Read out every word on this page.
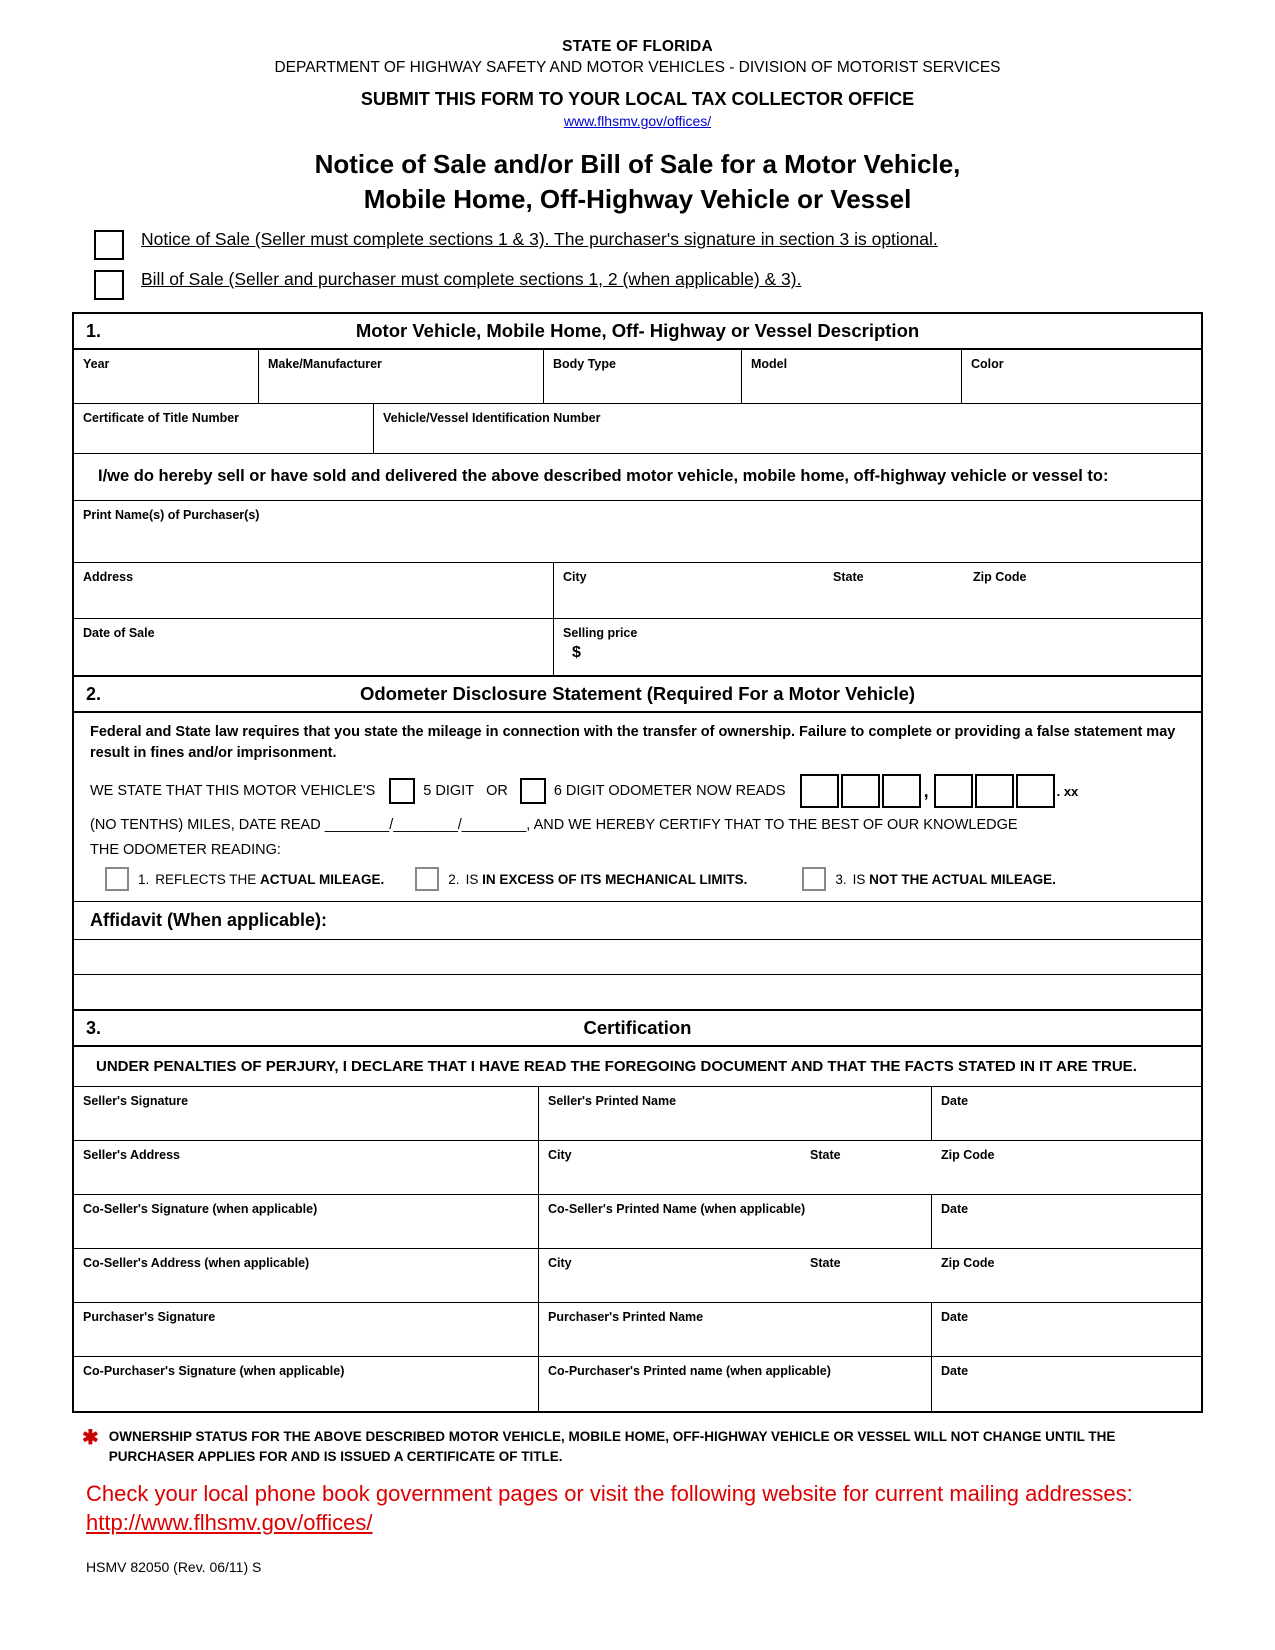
STATE OF FLORIDA
DEPARTMENT OF HIGHWAY SAFETY AND MOTOR VEHICLES - DIVISION OF MOTORIST SERVICES
SUBMIT THIS FORM TO YOUR LOCAL TAX COLLECTOR OFFICE
www.flhsmv.gov/offices/
Notice of Sale and/or Bill of Sale for a Motor Vehicle,
Mobile Home, Off-Highway Vehicle or Vessel
Notice of Sale (Seller must complete sections 1 & 3). The purchaser's signature in section 3 is optional.
Bill of Sale (Seller and purchaser must complete sections 1, 2 (when applicable) & 3).
1.	Motor Vehicle, Mobile Home, Off- Highway or Vessel Description
Year	Make/Manufacturer	Body Type	Model	Color
Certificate of Title Number	Vehicle/Vessel Identification Number
I/we do hereby sell or have sold and delivered the above described motor vehicle, mobile home, off-highway vehicle or vessel to:
Print Name(s) of Purchaser(s)
Address	City	State	Zip Code
Date of Sale	Selling price
$
2.	Odometer Disclosure Statement (Required For a Motor Vehicle)
Federal and State law requires that you state the mileage in connection with the transfer of ownership. Failure to complete or providing a false statement may result in fines and/or imprisonment.
WE STATE THAT THIS MOTOR VEHICLE'S	5 DIGIT OR	6 DIGIT ODOMETER NOW READS	,	. xx
(NO TENTHS) MILES, DATE READ ________/________/________, AND WE HEREBY CERTIFY THAT TO THE BEST OF OUR KNOWLEDGE
THE ODOMETER READING:
1. REFLECTS THE ACTUAL MILEAGE.	2. IS IN EXCESS OF ITS MECHANICAL LIMITS.	3. IS NOT THE ACTUAL MILEAGE.
Affidavit (When applicable):
3.	Certification
UNDER PENALTIES OF PERJURY, I DECLARE THAT I HAVE READ THE FOREGOING DOCUMENT AND THAT THE FACTS STATED IN IT ARE TRUE.
Seller's Signature	Seller's Printed Name	Date
Seller's Address	City	State	Zip Code
Co-Seller's Signature (when applicable)	Co-Seller's Printed Name (when applicable)	Date
Co-Seller's Address (when applicable)	City	State	Zip Code
Purchaser's Signature	Purchaser's Printed Name	Date
Co-Purchaser's Signature (when applicable)	Co-Purchaser's Printed name (when applicable)	Date
✱ OWNERSHIP STATUS FOR THE ABOVE DESCRIBED MOTOR VEHICLE, MOBILE HOME, OFF-HIGHWAY VEHICLE OR VESSEL WILL NOT CHANGE UNTIL THE PURCHASER APPLIES FOR AND IS ISSUED A CERTIFICATE OF TITLE.
Check your local phone book government pages or visit the following website for current mailing addresses: http://www.flhsmv.gov/offices/
HSMV 82050 (Rev. 06/11) S
